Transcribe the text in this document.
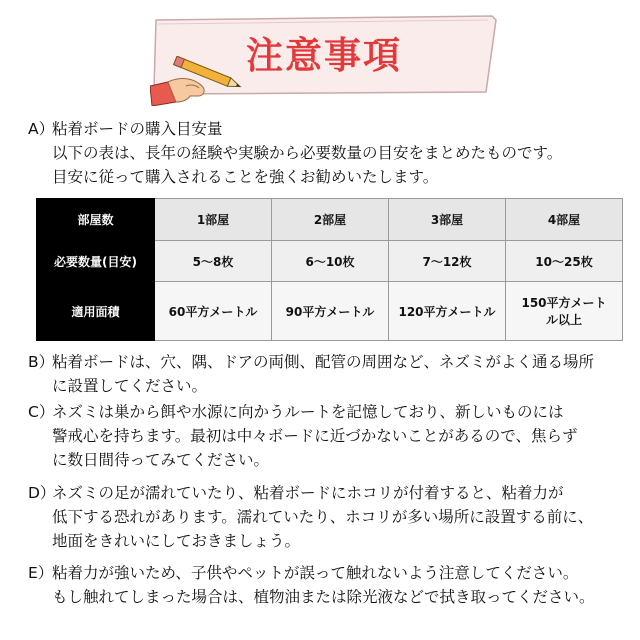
注意事項
A）
粘着ボードの購入目安量
以下の表は、長年の経験や実験から必要数量の目安をまとめたものです。
目安に従って購入されることを強くお勧めいたします。
部屋数	1部屋	2部屋	3部屋	4部屋
必要数量(目安)	5～8枚	6～10枚	7～12枚	10～25枚
適用面積	60平方メートル	90平方メートル	120平方メートル	150平方メートル以上
B）
粘着ボードは、穴、隅、ドアの両側、配管の周囲など、ネズミがよく通る場所
に設置してください。
C）
ネズミは巣から餌や水源に向かうルートを記憶しており、新しいものには
警戒心を持ちます。最初は中々ボードに近づかないことがあるので、焦らず
に数日間待ってみてください。
D）
ネズミの足が濡れていたり、粘着ボードにホコリが付着すると、粘着力が
低下する恐れがあります。濡れていたり、ホコリが多い場所に設置する前に、
地面をきれいにしておきましょう。
E）
粘着力が強いため、子供やペットが誤って触れないよう注意してください。
もし触れてしまった場合は、植物油または除光液などで拭き取ってください。
